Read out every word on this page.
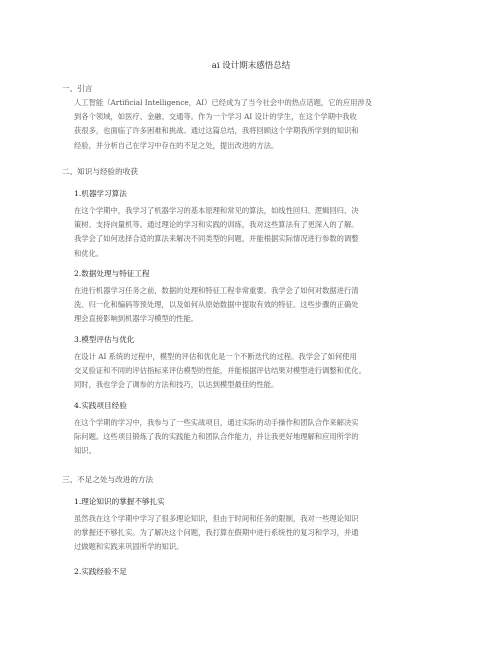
ai 设计期末感悟总结
一、引言
人工智能（Artificial Intelligence，AI）已经成为了当今社会中的热点话题，它的应用涉及
到各个领域，如医疗、金融、交通等。作为一个学习 AI 设计的学生，在这个学期中我收
获很多，也面临了许多困难和挑战。通过这篇总结，我将回顾这个学期我所学到的知识和
经验，并分析自己在学习中存在的不足之处，提出改进的方法。
二、知识与经验的收获
1.机器学习算法
在这个学期中，我学习了机器学习的基本原理和常见的算法，如线性回归、逻辑回归、决
策树、支持向量机等。通过理论的学习和实践的训练，我对这些算法有了更深入的了解。
我学会了如何选择合适的算法来解决不同类型的问题，并能根据实际情况进行参数的调整
和优化。
2.数据处理与特征工程
在进行机器学习任务之前，数据的处理和特征工程非常重要。我学会了如何对数据进行清
洗、归一化和编码等预处理，以及如何从原始数据中提取有效的特征。这些步骤的正确处
理会直接影响到机器学习模型的性能。
3.模型评估与优化
在设计 AI 系统的过程中，模型的评估和优化是一个不断迭代的过程。我学会了如何使用
交叉验证和不同的评估指标来评估模型的性能，并能根据评估结果对模型进行调整和优化。
同时，我也学会了调参的方法和技巧，以达到模型最佳的性能。
4.实践项目经验
在这个学期的学习中，我参与了一些实战项目，通过实际的动手操作和团队合作来解决实
际问题。这些项目锻炼了我的实践能力和团队合作能力，并让我更好地理解和应用所学的
知识。
三、不足之处与改进的方法
1.理论知识的掌握不够扎实
虽然我在这个学期中学习了很多理论知识，但由于时间和任务的限制，我对一些理论知识
的掌握还不够扎实。为了解决这个问题，我打算在假期中进行系统性的复习和学习，并通
过做题和实践来巩固所学的知识。
2.实践经验不足
